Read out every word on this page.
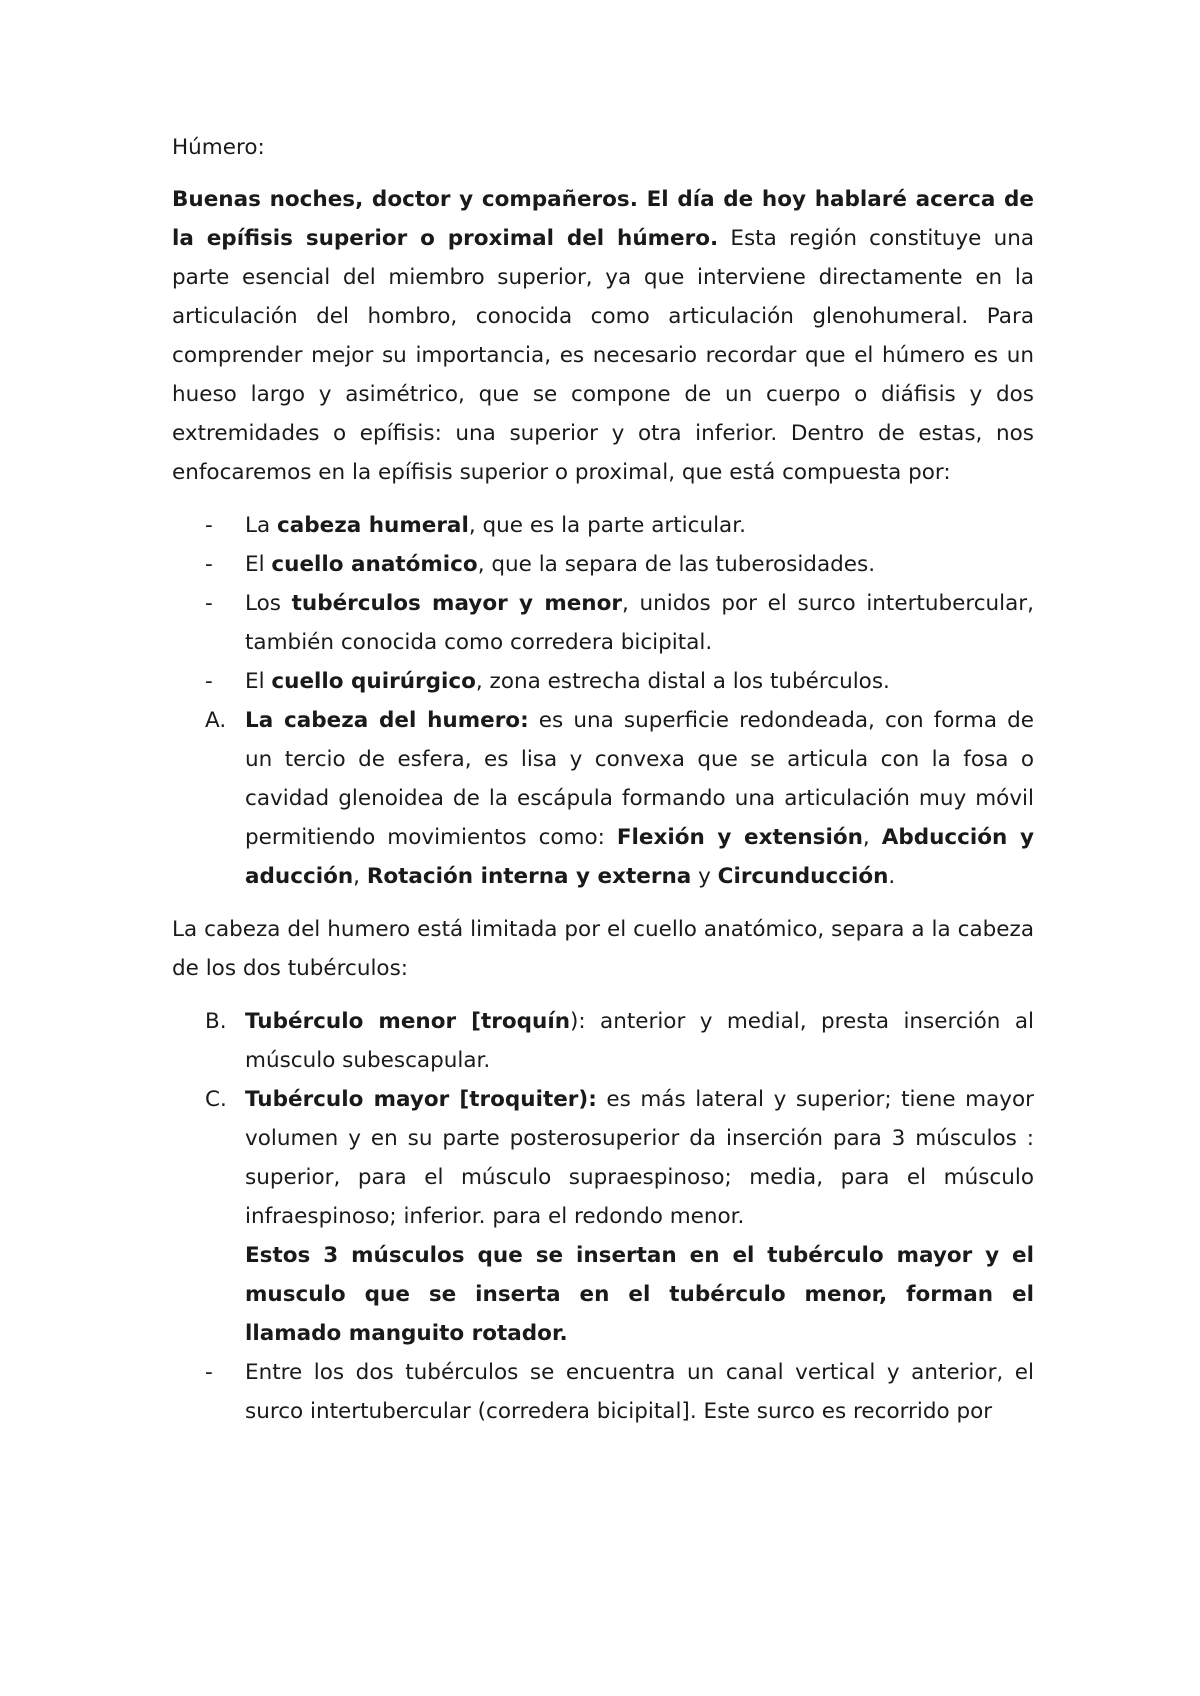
Húmero:

Buenas noches, doctor y compañeros. El día de hoy hablaré acerca de la epífisis superior o proximal del húmero. Esta región constituye una parte esencial del miembro superior, ya que interviene directamente en la articulación del hombro, conocida como articulación glenohumeral. Para comprender mejor su importancia, es necesario recordar que el húmero es un hueso largo y asimétrico, que se compone de un cuerpo o diáfisis y dos extremidades o epífisis: una superior y otra inferior. Dentro de estas, nos enfocaremos en la epífisis superior o proximal, que está compuesta por:

- La cabeza humeral, que es la parte articular.
- El cuello anatómico, que la separa de las tuberosidades.
- Los tubérculos mayor y menor, unidos por el surco intertubercular, también conocida como corredera bicipital.
- El cuello quirúrgico, zona estrecha distal a los tubérculos.
A. La cabeza del humero: es una superficie redondeada, con forma de un tercio de esfera, es lisa y convexa que se articula con la fosa o cavidad glenoidea de la escápula formando una articulación muy móvil permitiendo movimientos como: Flexión y extensión, Abducción y aducción, Rotación interna y externa y Circunducción.

La cabeza del humero está limitada por el cuello anatómico, separa a la cabeza de los dos tubérculos:

B. Tubérculo menor [troquín): anterior y medial, presta inserción al músculo subescapular.
C. Tubérculo mayor [troquiter): es más lateral y superior; tiene mayor volumen y en su parte posterosuperior da inserción para 3 músculos : superior, para el músculo supraespinoso; media, para el músculo infraespinoso; inferior. para el redondo menor.
Estos 3 músculos que se insertan en el tubérculo mayor y el musculo que se inserta en el tubérculo menor, forman el llamado manguito rotador.
- Entre los dos tubérculos se encuentra un canal vertical y anterior, el surco intertubercular (corredera bicipital]. Este surco es recorrido por
